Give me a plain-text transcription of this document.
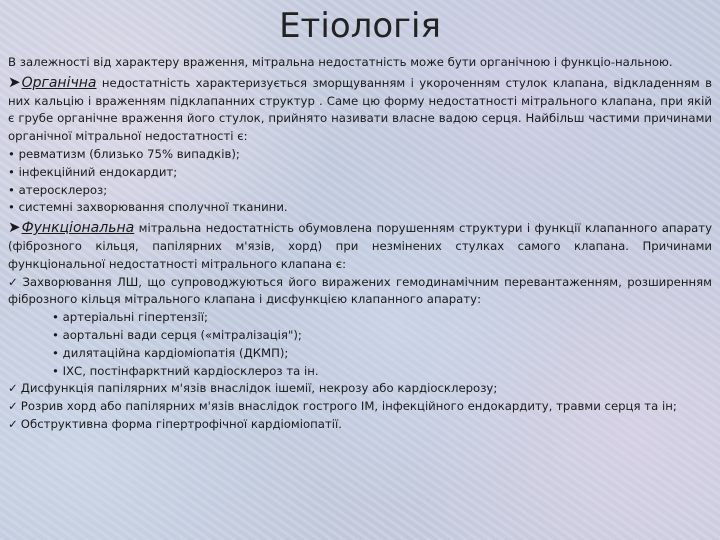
Етіологія

В залежності від характеру враження, мітральна недостатність може бути органічною і функціо-нальною.

➤Органічна недостатність характеризується зморщуванням і укороченням стулок клапана, відкладенням в них кальцію і враженням підклапанних структур . Саме цю форму недостатності мітрального клапана, при якій є грубе органічне враження його стулок, прийнято називати власне вадою серця. Найбільш частими причинами органічної мітральної недостатності є:

• ревматизм (близько 75% випадків);

• інфекційний ендокардит;

• атеросклероз;

• системні захворювання сполучної тканини.

➤Функціональна мітральна недостатність обумовлена порушенням структури і функції клапанного апарату (фіброзного кільця, папілярних м'язів, хорд) при незмінених стулках самого клапана. Причинами функціональної недостатності мітрального клапана є:

✓ Захворювання ЛШ, що супроводжуються його виражених гемодинамічним перевантаженням, розширенням фіброзного кільця мітрального клапана і дисфункцією клапанного апарату:

• артеріальні гіпертензії;

• аортальні вади серця («мітралізація");

• дилятаційна кардіоміопатія (ДКМП);

• ІХС, постінфарктний кардіосклероз та ін.

✓ Дисфункція папілярних м'язів внаслідок ішемії, некрозу або кардіосклерозу;

✓ Розрив хорд або папілярних м'язів внаслідок гострого ІМ, інфекційного ендокардиту, травми серця та ін;

✓ Обструктивна форма гіпертрофічної кардіоміопатії.
